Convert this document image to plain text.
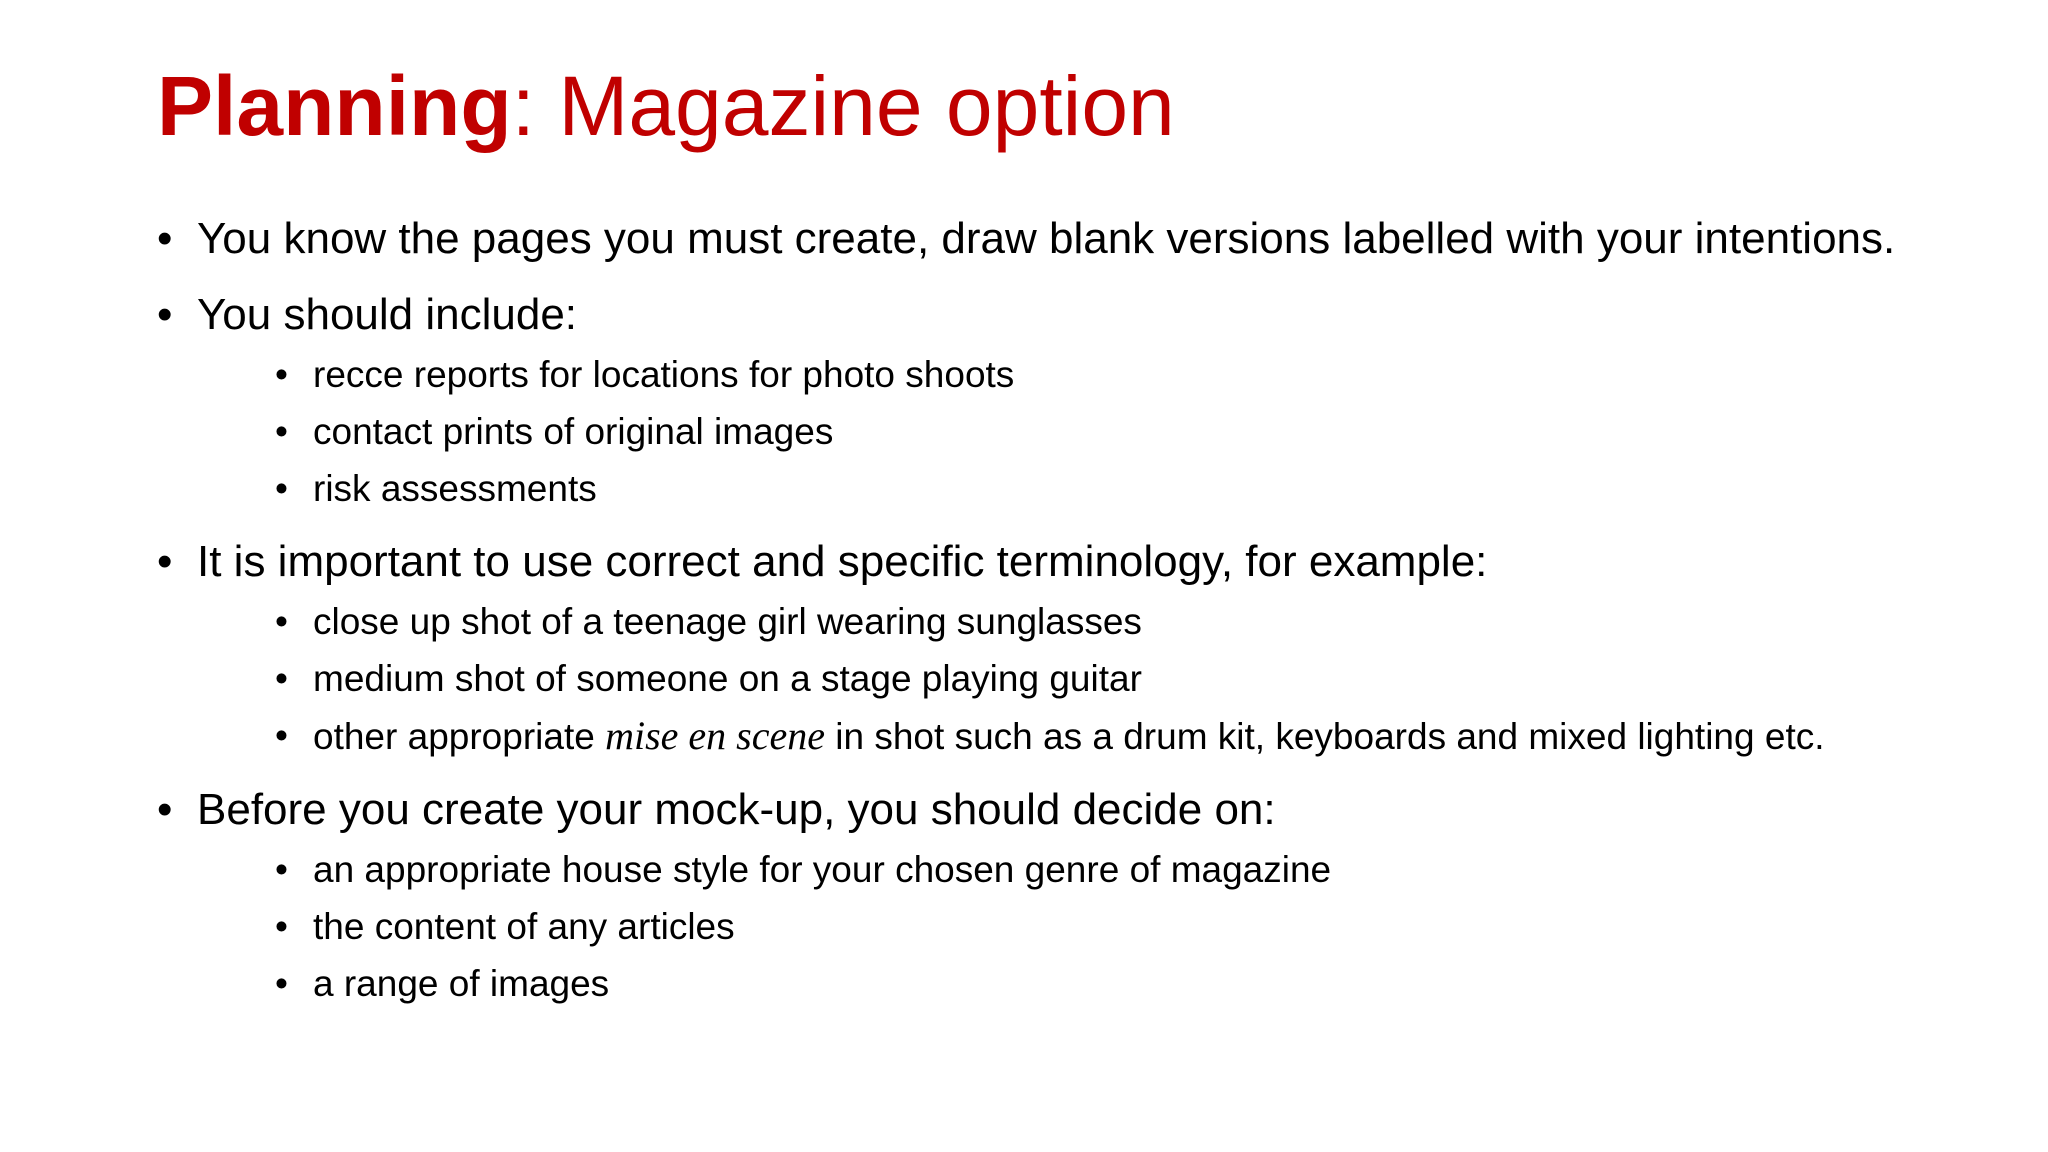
Planning: Magazine option
• You know the pages you must create, draw blank versions labelled with your intentions.
• You should include:
• recce reports for locations for photo shoots
• contact prints of original images
• risk assessments
• It is important to use correct and specific terminology, for example:
• close up shot of a teenage girl wearing sunglasses
• medium shot of someone on a stage playing guitar
• other appropriate mise en scene in shot such as a drum kit, keyboards and mixed lighting etc.
• Before you create your mock-up, you should decide on:
• an appropriate house style for your chosen genre of magazine
• the content of any articles
• a range of images
